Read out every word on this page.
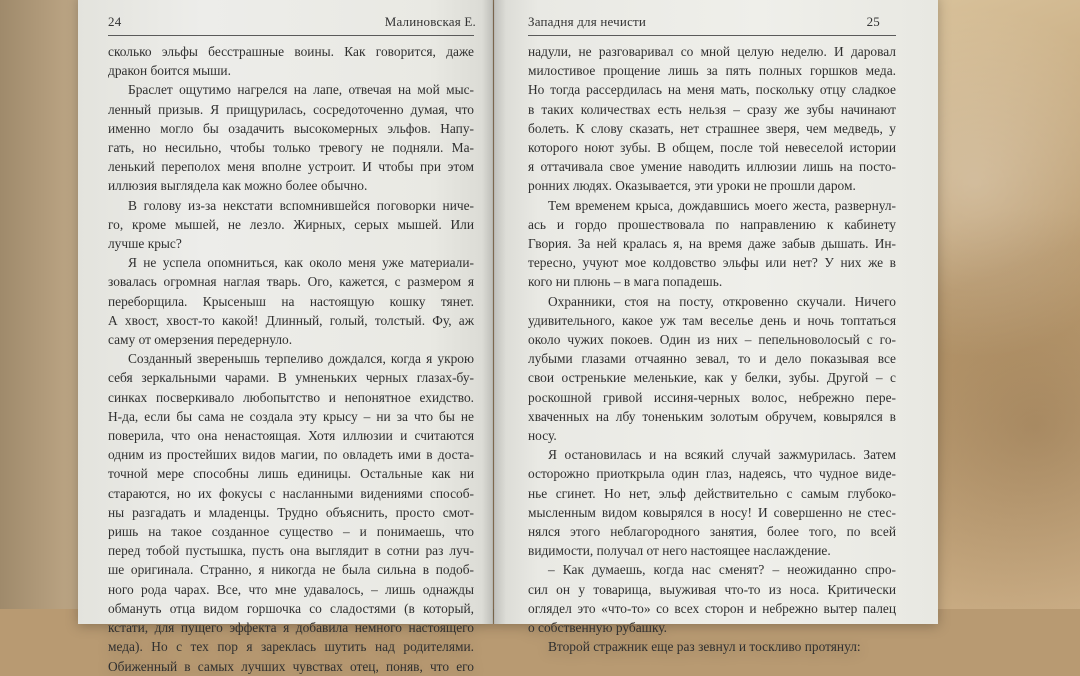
24	Малиновская Е.

сколько эльфы бесстрашные воины. Как говорится, даже

дракон боится мыши.

Браслет ощутимо нагрелся на лапе, отвечая на мой мыс-

ленный призыв. Я прищурилась, сосредоточенно думая, что

именно могло бы озадачить высокомерных эльфов. Напу-

гать, но несильно, чтобы только тревогу не подняли. Ма-

ленький переполох меня вполне устроит. И чтобы при этом

иллюзия выглядела как можно более обычно.

В голову из-за некстати вспомнившейся поговорки ниче-

го, кроме мышей, не лезло. Жирных, серых мышей. Или

лучше крыс?

Я не успела опомниться, как около меня уже материали-

зовалась огромная наглая тварь. Ого, кажется, с размером я

переборщила. Крысеныш на настоящую кошку тянет.

А хвост, хвост-то какой! Длинный, голый, толстый. Фу, аж

саму от омерзения передернуло.

Созданный зверенышь терпеливо дождался, когда я укрою

себя зеркальными чарами. В умненьких черных глазах-бу-

синках посверкивало любопытство и непонятное ехидство.

Н-да, если бы сама не создала эту крысу – ни за что бы не

поверила, что она ненастоящая. Хотя иллюзии и считаются

одним из простейших видов магии, по овладеть ими в доста-

точной мере способны лишь единицы. Остальные как ни

стараются, но их фокусы с насланными видениями способ-

ны разгадать и младенцы. Трудно объяснить, просто смот-

ришь на такое созданное существо – и понимаешь, что

перед тобой пустышка, пусть она выглядит в сотни раз луч-

ше оригинала. Странно, я никогда не была сильна в подоб-

ного рода чарах. Все, что мне удавалось, – лишь однажды

обмануть отца видом горшочка со сладостями (в который,

кстати, для пущего эффекта я добавила немного настоящего

меда). Но с тех пор я зареклась шутить над родителями.

Обиженный в самых лучших чувствах отец, поняв, что его

Западня для нечисти	25

надули, не разговаривал со мной целую неделю. И даровал

милостивое прощение лишь за пять полных горшков меда.

Но тогда рассердилась на меня мать, поскольку отцу сладкое

в таких количествах есть нельзя – сразу же зубы начинают

болеть. К слову сказать, нет страшнее зверя, чем медведь, у

которого ноют зубы. В общем, после той невеселой истории

я оттачивала свое умение наводить иллюзии лишь на посто-

ронних людях. Оказывается, эти уроки не прошли даром.

Тем временем крыса, дождавшись моего жеста, развернул-

ась и гордо прошествовала по направлению к кабинету

Гвория. За ней кралась я, на время даже забыв дышать. Ин-

тересно, учуют мое колдовство эльфы или нет? У них же в

кого ни плюнь – в мага попадешь.

Охранники, стоя на посту, откровенно скучали. Ничего

удивительного, какое уж там веселье день и ночь топтаться

около чужих покоев. Один из них – пепельноволосый с го-

лубыми глазами отчаянно зевал, то и дело показывая все

свои остренькие меленькие, как у белки, зубы. Другой – с

роскошной гривой иссиня-черных волос, небрежно пере-

хваченных на лбу тоненьким золотым обручем, ковырялся в

носу.

Я остановилась и на всякий случай зажмурилась. Затем

осторожно приоткрыла один глаз, надеясь, что чудное виде-

нье сгинет. Но нет, эльф действительно с самым глубоко-

мысленным видом ковырялся в носу! И совершенно не стес-

нялся этого неблагородного занятия, более того, по всей

видимости, получал от него настоящее наслаждение.

– Как думаешь, когда нас сменят? – неожиданно спро-

сил он у товарища, выуживая что-то из носа. Критически

оглядел это «что-то» со всех сторон и небрежно вытер палец

о собственную рубашку.

Второй стражник еще раз зевнул и тоскливо протянул:
